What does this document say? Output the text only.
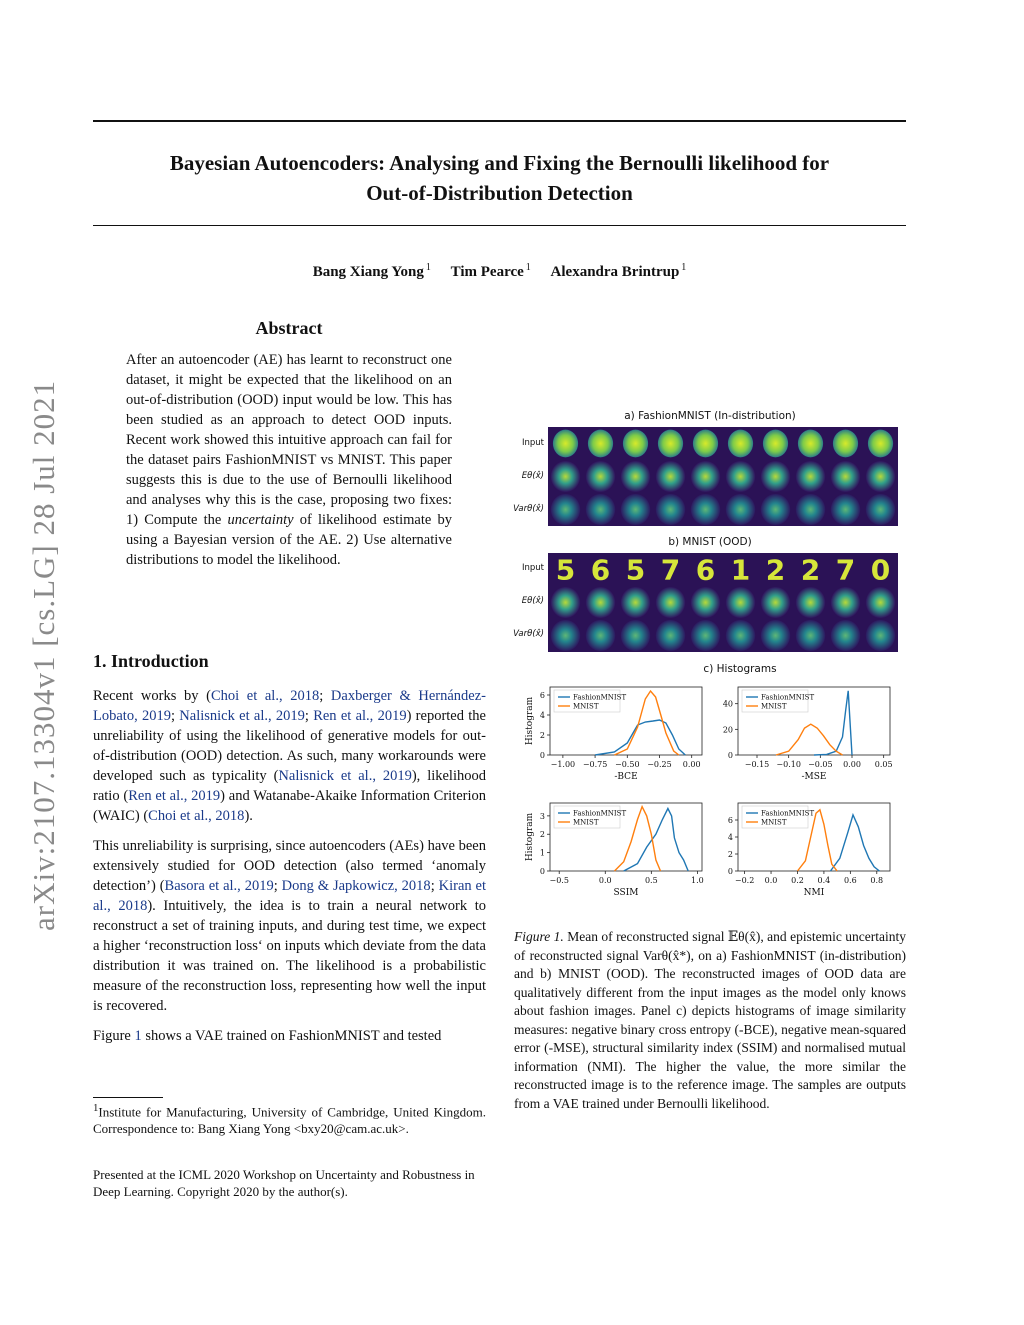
Bayesian Autoencoders: Analysing and Fixing the Bernoulli likelihood for
Out-of-Distribution Detection
Bang Xiang Yong $^1$ Tim Pearce $^1$ Alexandra Brintrup $^1$
arXiv:2107.13304v1 [cs.LG] 28 Jul 2021
Abstract
After an autoencoder (AE) has learnt to reconstruct one dataset, it might be expected that the likelihood on an out-of-distribution (OOD) input would be low. This has been studied as an approach to detect OOD inputs. Recent work showed this intuitive approach can fail for the dataset pairs FashionMNIST vs MNIST. This paper suggests this is due to the use of Bernoulli likelihood and analyses why this is the case, proposing two fixes: 1) Compute the uncertainty of likelihood estimate by using a Bayesian version of the AE. 2) Use alternative distributions to model the likelihood.
1. Introduction

Recent works by (Choi et al., 2018; Daxberger & Hernández-Lobato, 2019; Nalisnick et al., 2019; Ren et al., 2019) reported the unreliability of using the likelihood of generative models for out-of-distribution (OOD) detection. As such, many workarounds were developed such as typicality (Nalisnick et al., 2019), likelihood ratio (Ren et al., 2019) and Watanabe-Akaike Information Criterion (WAIC) (Choi et al., 2018).

This unreliability is surprising, since autoencoders (AEs) have been extensively studied for OOD detection (also termed ‘anomaly detection’) (Basora et al., 2019; Dong & Japkowicz, 2018; Kiran et al., 2018). Intuitively, the idea is to train a neural network to reconstruct a set of training inputs, and during test time, we expect a higher ‘reconstruction loss‘ on inputs which deviate from the data distribution it was trained on. The likelihood is a probabilistic measure of the reconstruction loss, representing how well the input is recovered.

Figure 1 shows a VAE trained on FashionMNIST and tested

$^1$Institute for Manufacturing, University of Cambridge, United Kingdom. Correspondence to: Bang Xiang Yong <bxy20@cam.ac.uk>.
Presented at the ICML 2020 Workshop on Uncertainty and Robustness in Deep Learning. Copyright 2020 by the author(s).
a) FashionMNIST (In-distribution)
Input
Eθ(x̂)
Varθ(x̂)
b) MNIST (OOD)
Input
Eθ(x̂)
Varθ(x̂)
5 6 5 7 6 1 2 2 7 0
c) Histograms
−1.00 −0.75 −0.50 −0.25 0.00
0
2
4
6
-BCE
Histogram	FashionMNIST
MNIST
−0.15 −0.10 −0.05 0.00 0.05
0
20
40
-MSE
FashionMNIST
MNIST
−0.5	0.0	0.5	1.0
0
1
2
3
SSIM
Histogram	FashionMNIST
MNIST
−0.2 0.0 0.2 0.4 0.6 0.8
0
2
4
6
NMI
FashionMNIST
MNIST
Figure 1. Mean of reconstructed signal 𝔼θ(x̂), and epistemic uncertainty of reconstructed signal Varθ(x̂*), on a) FashionMNIST (in-distribution) and b) MNIST (OOD). The reconstructed images of OOD data are qualitatively different from the input images as the model only knows about fashion images. Panel c) depicts histograms of image similarity measures: negative binary cross entropy (-BCE), negative mean-squared error (-MSE), structural similarity index (SSIM) and normalised mutual information (NMI). The higher the value, the more similar the reconstructed image is to the reference image. The samples are outputs from a VAE trained under Bernoulli likelihood.
